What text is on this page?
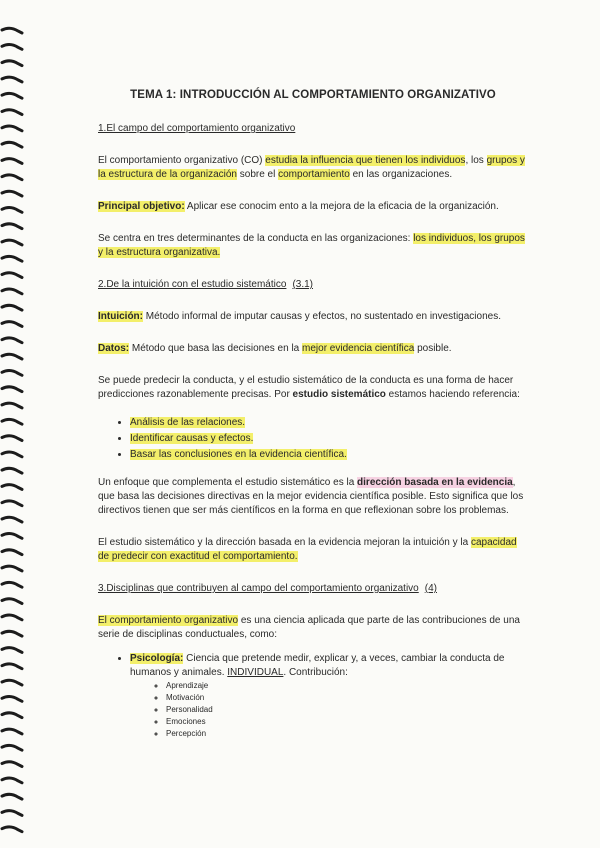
TEMA 1: INTRODUCCIÓN AL COMPORTAMIENTO ORGANIZATIVO
1.El campo del comportamiento organizativo

El comportamiento organizativo (CO) estudia la influencia que tienen los individuos, los grupos y la estructura de la organización sobre el comportamiento en las organizaciones.

Principal objetivo: Aplicar ese conocim ento a la mejora de la eficacia de la organización.

Se centra en tres determinantes de la conducta en las organizaciones: los individuos, los grupos y la estructura organizativa.

2.De la intuición con el estudio sistemático (3.1)

Intuición: Método informal de imputar causas y efectos, no sustentado en investigaciones.

Datos: Método que basa las decisiones en la mejor evidencia científica posible.

Se puede predecir la conducta, y el estudio sistemático de la conducta es una forma de hacer predicciones razonablemente precisas. Por estudio sistemático estamos haciendo referencia:

• Análisis de las relaciones.
• Identificar causas y efectos.
• Basar las conclusiones en la evidencia científica.

Un enfoque que complementa el estudio sistemático es la dirección basada en la evidencia, que basa las decisiones directivas en la mejor evidencia científica posible. Esto significa que los directivos tienen que ser más científicos en la forma en que reflexionan sobre los problemas.

El estudio sistemático y la dirección basada en la evidencia mejoran la intuición y la capacidad de predecir con exactitud el comportamiento.

3.Disciplinas que contribuyen al campo del comportamiento organizativo (4)

El comportamiento organizativo es una ciencia aplicada que parte de las contribuciones de una serie de disciplinas conductuales, como:

• Psicología: Ciencia que pretende medir, explicar y, a veces, cambiar la conducta de humanos y animales. INDIVIDUAL. Contribución:
◦ Aprendizaje
◦ Motivación
◦ Personalidad
◦ Emociones
◦ Percepción
